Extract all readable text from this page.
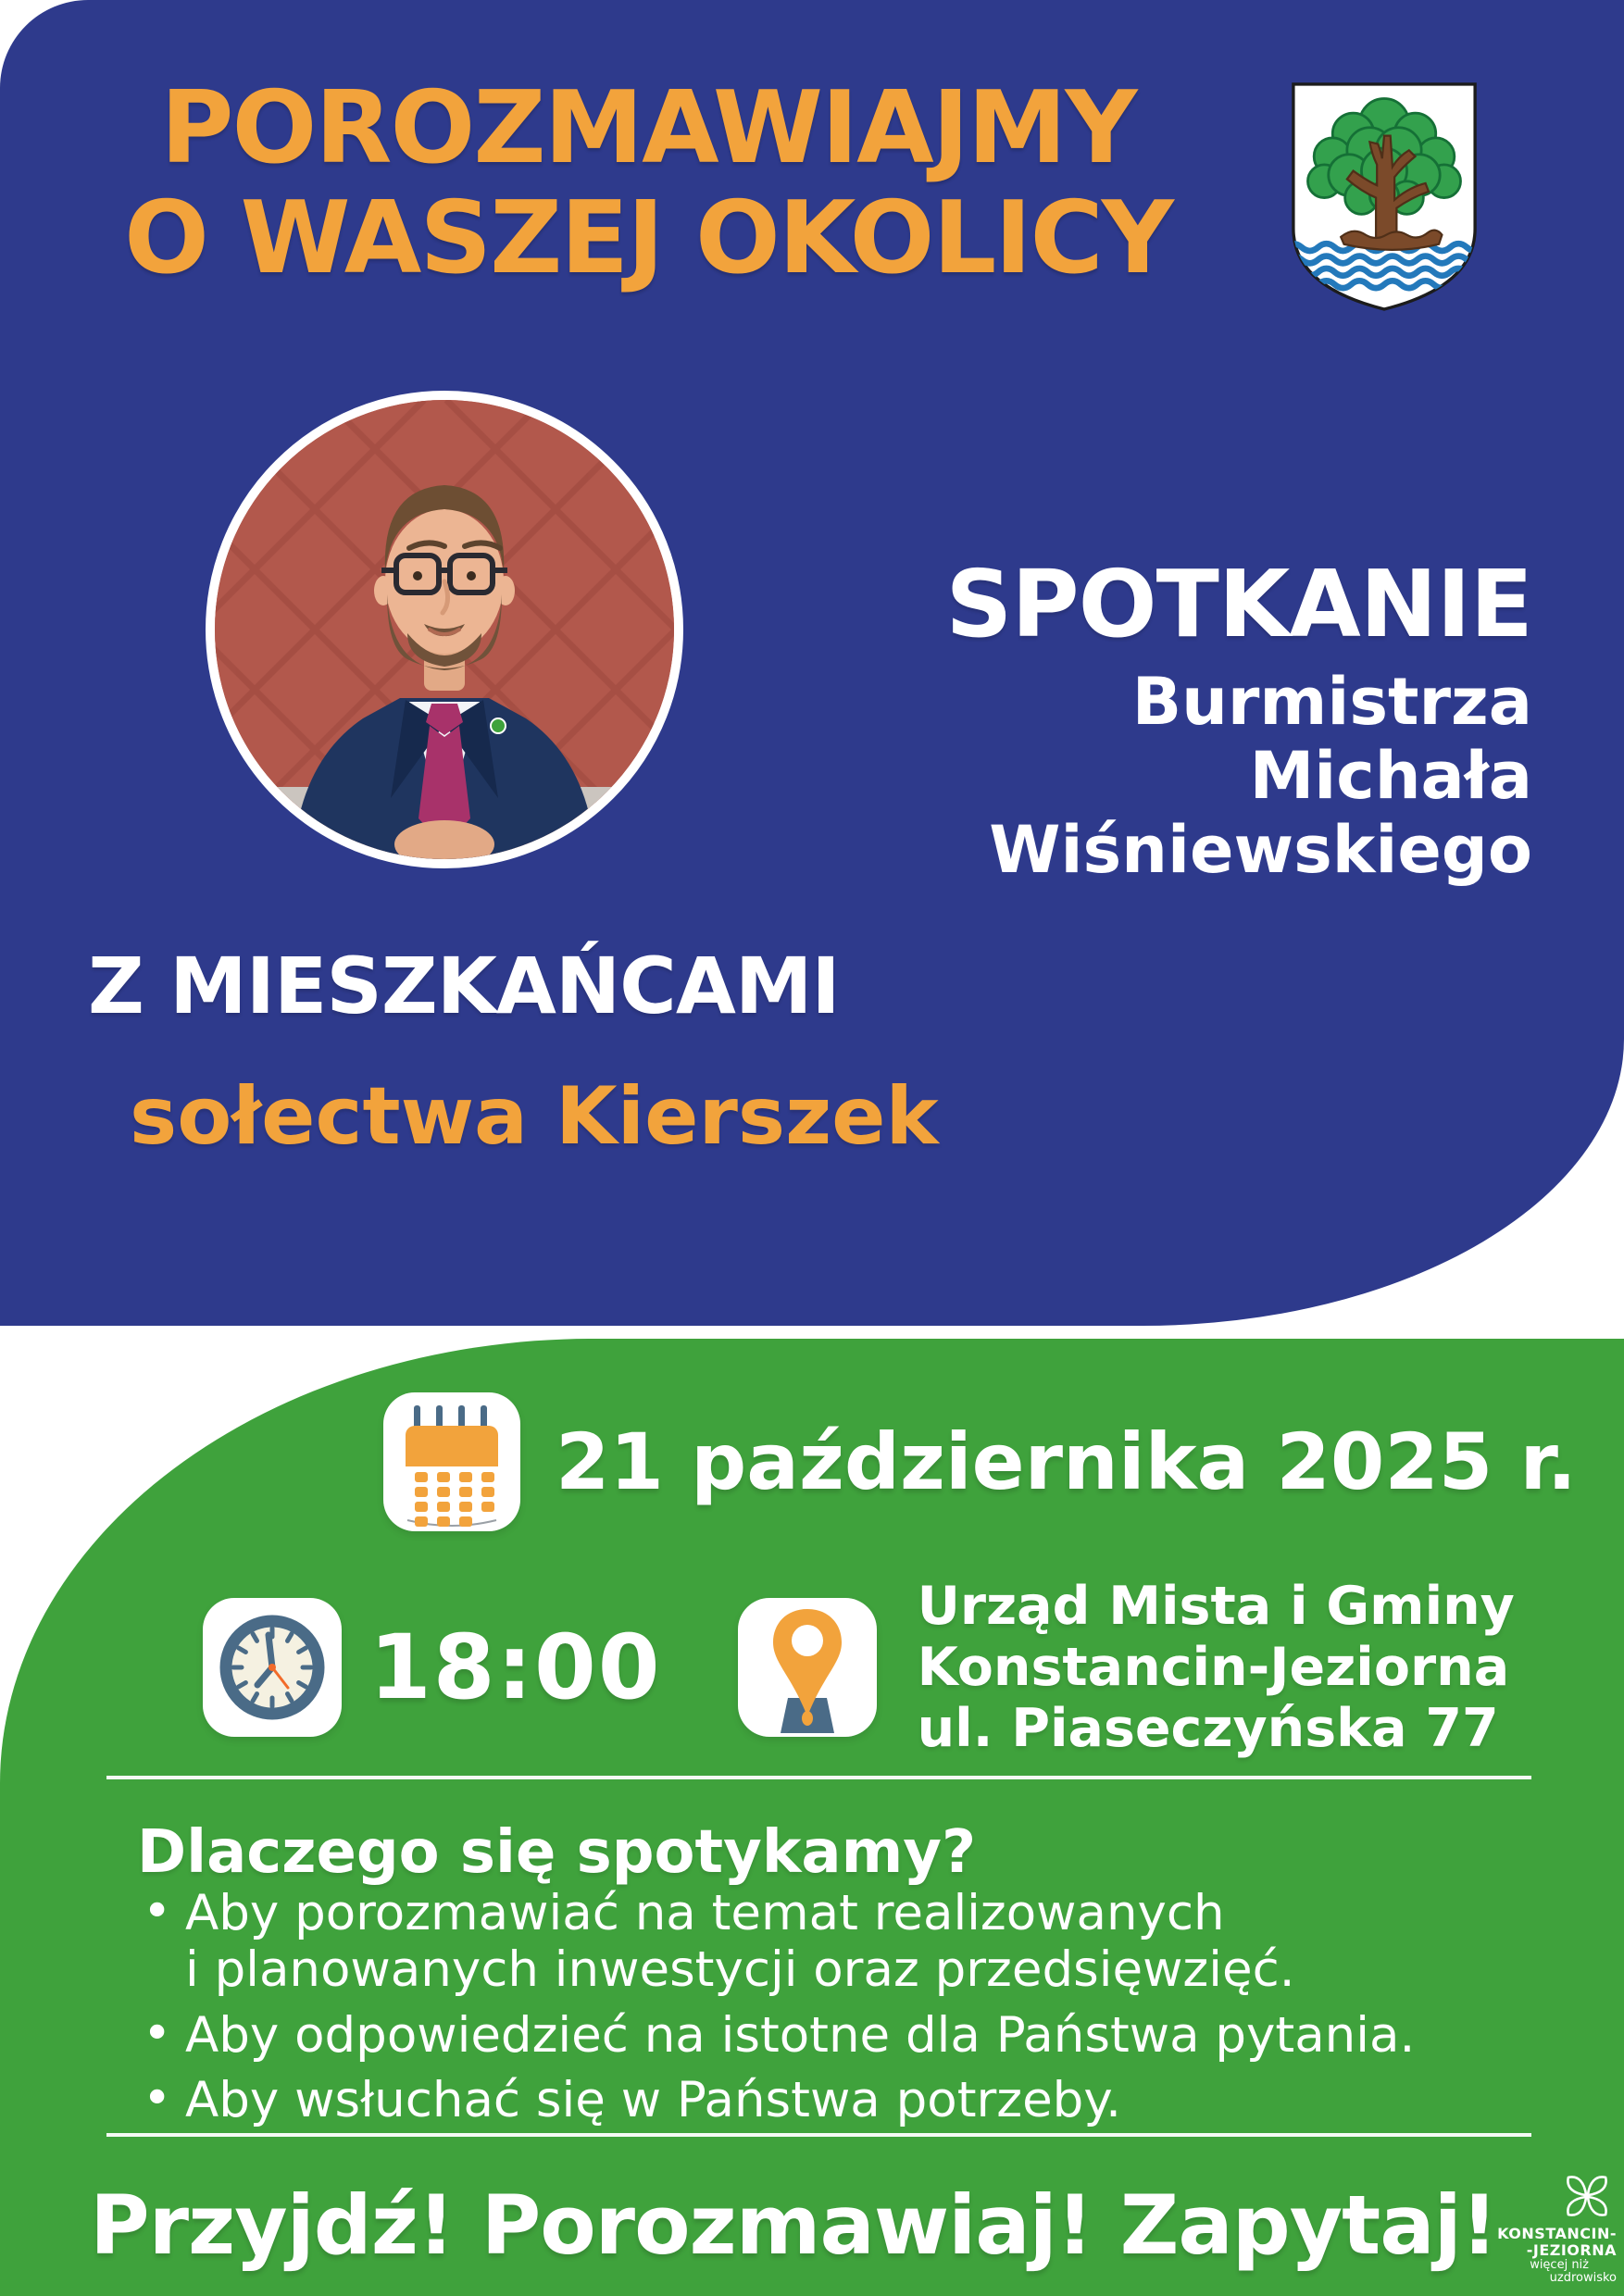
POROZMAWIAJMY
O WASZEJ OKOLICY
SPOTKANIE
Burmistrza
Michała
Wiśniewskiego
Z MIESZKAŃCAMI
sołectwa Kierszek
21 października 2025 r.
18:00
Urząd Mista i Gminy
Konstancin-Jeziorna
ul. Piaseczyńska 77
Dlaczego się spotykamy?
• Aby porozmawiać na temat realizowanych
i planowanych inwestycji oraz przedsięwzięć.
• Aby odpowiedzieć na istotne dla Państwa pytania.
• Aby wsłuchać się w Państwa potrzeby.
Przyjdź! Porozmawiaj! Zapytaj! KONSTANCIN-
-JEZIORNA
więcej niż
uzdrowisko
